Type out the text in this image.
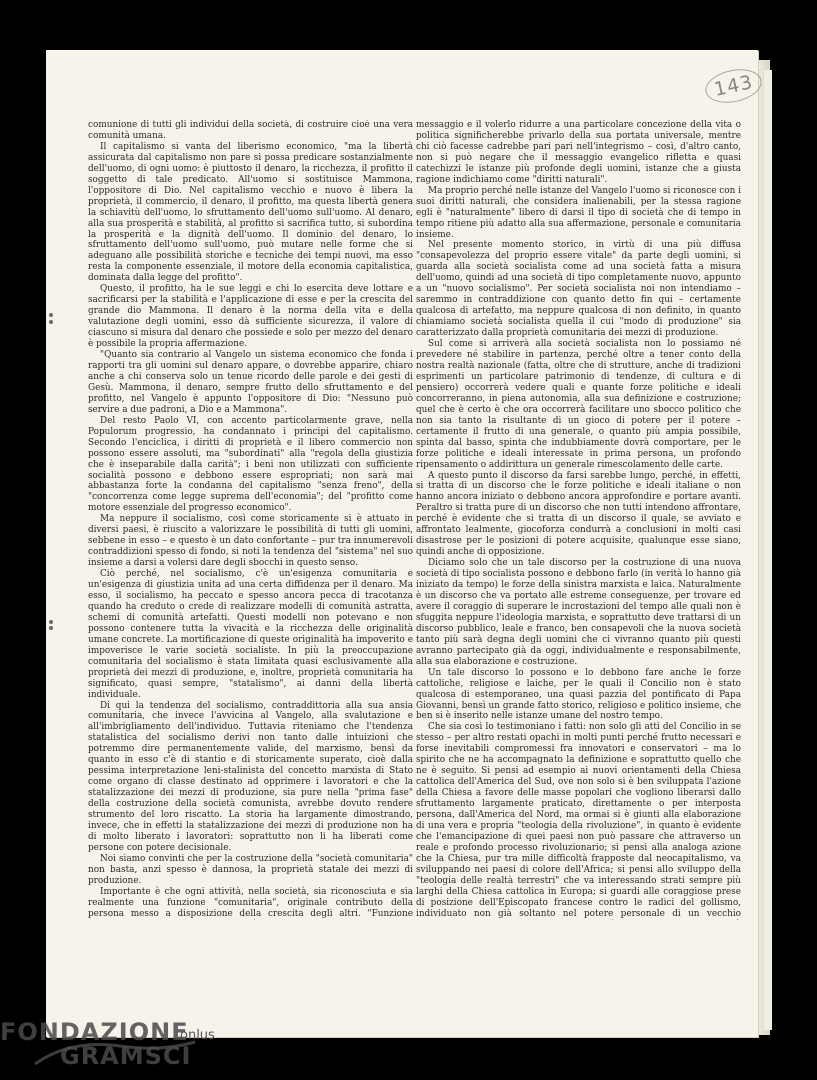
143

comunione di tutti gli individui della società, di costruire cioè una vera comunità umana.

Il capitalismo si vanta del liberismo economico, "ma la libertà assicurata dal capitalismo non pare si possa predicare sostanzialmente dell'uomo, di ogni uomo: è piuttosto il denaro, la ricchezza, il profitto il soggetto di tale predicato. All'uomo si sostituisce Mammona, l'oppositore di Dio. Nel capitalismo vecchio e nuovo è libera la proprietà, il commercio, il denaro, il profitto, ma questa libertà genera la schiavitù dell'uomo, lo sfruttamento dell'uomo sull'uomo. Al denaro, alla sua prosperità e stabilità, al profitto si sacrifica tutto, si subordina la prosperità e la dignità dell'uomo. Il dominio del denaro, lo sfruttamento dell'uomo sull'uomo, può mutare nelle forme che si adeguano alle possibilità storiche e tecniche dei tempi nuovi, ma esso resta la componente essenziale, il motore della economia capitalistica, dominata dalla legge del profitto".

Questo, il profitto, ha le sue leggi e chi lo esercita deve lottare e sacrificarsi per la stabilità e l'applicazione di esse e per la crescita del grande dio Mammona. Il denaro è la norma della vita e della valutazione degli uomini, esso dà sufficiente sicurezza, il valore di ciascuno si misura dal denaro che possiede e solo per mezzo del denaro è possibile la propria affermazione.

"Quanto sia contrario al Vangelo un sistema economico che fonda i rapporti tra gli uomini sul denaro appare, o dovrebbe apparire, chiaro anche a chi conserva solo un tenue ricordo delle parole e dei gesti di Gesù. Mammona, il denaro, sempre frutto dello sfruttamento e del profitto, nel Vangelo è appunto l'oppositore di Dio: "Nessuno può servire a due padroni, a Dio e a Mammona".

Del resto Paolo VI, con accento particolarmente grave, nella Populorum progressio, ha condannato i principi del capitalismo. Secondo l'enciclica, i diritti di proprietà e il libero commercio non possono essere assoluti, ma "subordinati" alla "regola della giustizia che è inseparabile dalla carità"; i beni non utilizzati con sufficiente socialità possono e debbono essere espropriati; non sarà mai abbastanza forte la condanna del capitalismo "senza freno", della "concorrenza come legge suprema dell'economia"; del "profitto come motore essenziale del progresso economico".

Ma neppure il socialismo, così come storicamente si è attuato in diversi paesi, è riuscito a valorizzare le possibilità di tutti gli uomini, sebbene in esso – e questo è un dato confortante – pur tra innumerevoli contraddizioni spesso di fondo, si noti la tendenza del "sistema" nel suo insieme a darsi a volersi dare degli sbocchi in questo senso.

Ciò perché, nel socialismo, c'è un'esigenza comunitaria e un'esigenza di giustizia unita ad una certa diffidenza per il denaro. Ma esso, il socialismo, ha peccato e spesso ancora pecca di tracotanza quando ha creduto o crede di realizzare modelli di comunità astratta, schemi di comunità artefatti. Questi modelli non potevano e non possono contenere tutta la vivacità e la ricchezza delle originalità umane concrete. La mortificazione di queste originalità ha impoverito e impoverisce le varie società socialiste. In più la preoccupazione comunitaria del socialismo è stata limitata quasi esclusivamente alla proprietà dei mezzi di produzione, e, inoltre, proprietà comunitaria ha significato, quasi sempre, "statalismo", ai danni della libertà individuale.

Di qui la tendenza del socialismo, contraddittoria alla sua ansia comunitaria, che invece l'avvicina al Vangelo, alla svalutazione e all'imbrigliamento dell'individuo. Tuttavia riteniamo che l'tendenza statalistica del socialismo derivi non tanto dalle intuizioni che potremmo dire permanentemente valide, del marxismo, bensì da quanto in esso c'è di stantio e di storicamente superato, cioè dalla pessima interpretazione leni-stalinista del concetto marxista di Stato come organo di classe destinato ad opprimere i lavoratori e che la statalizzazione dei mezzi di produzione, sia pure nella "prima fase" della costruzione della società comunista, avrebbe dovuto rendere strumento del loro riscatto. La storia ha largamente dimostrando, invece, che in effetti la statalizzazione dei mezzi di produzione non ha di molto liberato i lavoratori: soprattutto non li ha liberati come persone con potere decisionale.

Noi siamo convinti che per la costruzione della "società comunitaria" non basta, anzi spesso è dannosa, la proprietà statale dei mezzi di produzione.

Importante è che ogni attività, nella società, sia riconosciuta e sia realmente una funzione "comunitaria", originale contributo della persona messo a disposizione della crescita degli altri. "Funzione

messaggio e il volerlo ridurre a una particolare concezione della vita o politica significherebbe privarlo della sua portata universale, mentre chi ciò facesse cadrebbe pari pari nell'integrismo – così, d'altro canto, non si può negare che il messaggio evangelico rifletta e quasi catechizzi le istanze più profonde degli uomini, istanze che a giusta ragione indichiamo come "diritti naturali".

Ma proprio perché nelle istanze del Vangelo l'uomo si riconosce con i suoi diritti naturali, che considera inalienabili, per la stessa ragione egli è "naturalmente" libero di darsi il tipo di società che di tempo in tempo ritiene più adatto alla sua affermazione, personale e comunitaria insieme.

Nel presente momento storico, in virtù di una più diffusa "consapevolezza del proprio essere vitale" da parte degli uomini, si guarda alla società socialista come ad una società fatta a misura dell'uomo, quindi ad una società di tipo completamente nuovo, appunto a un "nuovo socialismo". Per società socialista noi non intendiamo – saremmo in contraddizione con quanto detto fin qui – certamente qualcosa di artefatto, ma neppure qualcosa di non definito, in quanto chiamiamo società socialista quella il cui "modo di produzione" sia caratterizzato dalla proprietà comunitaria dei mezzi di produzione.

Sul come si arriverà alla società socialista non lo possiamo né prevedere né stabilire in partenza, perché oltre a tener conto della nostra realtà nazionale (fatta, oltre che di strutture, anche di tradizioni esprimenti un particolare patrimonio di tendenze, di cultura e di pensiero) occorrerà vedere quali e quante forze politiche e ideali concorreranno, in piena autonomia, alla sua definizione e costruzione; quel che è certo è che ora occorrerà facilitare uno sbocco politico che non sia tanto la risultante di un gioco di potere per il potere – certamente il frutto di una generale, o quanto più ampia possibile, spinta dal basso, spinta che indubbiamente dovrà comportare, per le forze politiche e ideali interessate in prima persona, un profondo ripensamento o addirittura un generale rimescolamento delle carte.

A questo punto il discorso da farsi sarebbe lungo, perché, in effetti, si tratta di un discorso che le forze politiche e ideali italiane o non hanno ancora iniziato o debbono ancora approfondire e portare avanti. Peraltro si tratta pure di un discorso che non tutti intendono affrontare, perché è evidente che si tratta di un discorso il quale, se avviato e affrontato lealmente, giocoforza condurrà a conclusioni in molti casi disastrose per le posizioni di potere acquisite, qualunque esse siano, quindi anche di opposizione.

Diciamo solo che un tale discorso per la costruzione di una nuova società di tipo socialista possono e debbono farlo (in verità lo hanno già iniziato da tempo) le forze della sinistra marxista e laica. Naturalmente è un discorso che va portato alle estreme conseguenze, per trovare ed avere il coraggio di superare le incrostazioni del tempo alle quali non è sfuggita neppure l'ideologia marxista, e soprattutto deve trattarsi di un discorso pubblico, leale e franco, ben consapevoli che la nuova società tanto più sarà degna degli uomini che ci vivranno quanto più questi avranno partecipato già da oggi, individualmente e responsabilmente, alla sua elaborazione e costruzione.

Un tale discorso lo possono e lo debbono fare anche le forze cattoliche, religiose e laiche, per le quali il Concilio non è stato qualcosa di estemporaneo, una quasi pazzia del pontificato di Papa Giovanni, bensì un grande fatto storico, religioso e politico insieme, che ben si è inserito nelle istanze umane del nostro tempo.

Che sia così lo testimoniano i fatti: non solo gli atti del Concilio in se stesso – per altro restati opachi in molti punti perché frutto necessari e forse inevitabili compromessi fra innovatori e conservatori – ma lo spirito che ne ha accompagnato la definizione e soprattutto quello che ne è seguito. Si pensi ad esempio ai nuovi orientamenti della Chiesa cattolica dell'America del Sud, ove non solo si è ben sviluppata l'azione della Chiesa a favore delle masse popolari che vogliono liberarsi dallo sfruttamento largamente praticato, direttamente o per interposta persona, dall'America del Nord, ma ormai si è giunti alla elaborazione di una vera e propria "teologia della rivoluzione", in quanto è evidente che l'emancipazione di quei paesi non può passare che attraverso un reale e profondo processo rivoluzionario; si pensi alla analoga azione che la Chiesa, pur tra mille difficoltà frapposte dal neocapitalismo, va sviluppando nei paesi di colore dell'Africa; si pensi allo sviluppo della "teologia delle realtà terrestri" che va interessando strati sempre più larghi della Chiesa cattolica in Europa; si guardi alle coraggiose prese di posizione dell'Episcopato francese contro le radici del gollismo, individuato non già soltanto nel potere personale di un vecchio

FONDAZIONE
GRAMSCI
onlus
